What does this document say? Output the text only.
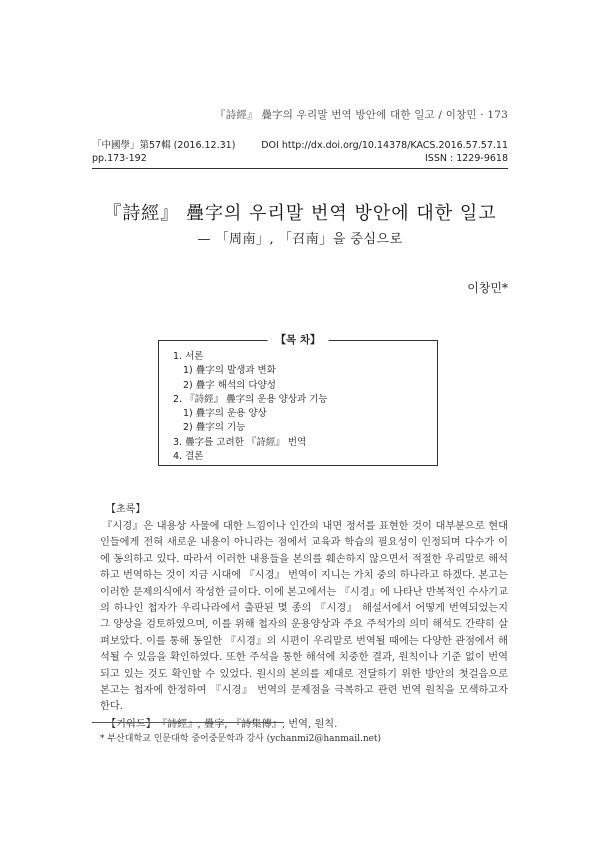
『詩經』 疊字의 우리말 번역 방안에 대한 일고 / 이창민 · 173
「中國學」第57輯 (2016.12.31)	DOI http://dx.doi.org/10.14378/KACS.2016.57.57.11
pp.173-192	ISSN : 1229-9618
『詩經』 疊字의 우리말 번역 방안에 대한 일고
— 「周南」, 「召南」을 중심으로
이창민*
【목 차】
1. 서론
1) 疊字의 발생과 변화
2) 疊字 해석의 다양성
2. 『詩經』 疊字의 운용 양상과 기능
1) 疊字의 운용 양상
2) 疊字의 기능
3. 疊字를 고려한 『詩經』 번역
4. 결론
【초록】
『시경』은 내용상 사물에 대한 느낌이나 인간의 내면 정서를 표현한 것이 대부분으로 현대인들에게 전혀 새로운 내용이 아니라는 점에서 교육과 학습의 필요성이 인정되며 다수가 이에 동의하고 있다. 따라서 이러한 내용들을 본의를 훼손하지 않으면서 적절한 우리말로 해석하고 번역하는 것이 지금 시대에 『시경』 번역이 지니는 가치 중의 하나라고 하겠다. 본고는 이러한 문제의식에서 작성한 글이다. 이에 본고에서는 『시경』에 나타난 반복적인 수사기교의 하나인 첩자가 우리나라에서 출판된 몇 종의 『시경』 해설서에서 어떻게 번역되었는지 그 양상을 검토하였으며, 이를 위해 첩자의 운용양상과 주요 주석가의 의미 해석도 간략히 살펴보았다. 이를 통해 동일한 『시경』의 시편이 우리말로 번역될 때에는 다양한 관점에서 해석될 수 있음을 확인하였다. 또한 주석을 통한 해석에 치중한 결과, 원칙이나 기준 없이 번역되고 있는 것도 확인할 수 있었다. 원시의 본의를 제대로 전달하기 위한 방안의 첫걸음으로 본고는 첩자에 한정하여 『시경』 번역의 문제점을 극복하고 관련 번역 원칙을 모색하고자 한다.
【키워드】 『詩經』, 疊字, 『詩集傳』, 번역, 원칙.
* 부산대학교 인문대학 중어중문학과 강사 (ychanmi2@hanmail.net)
